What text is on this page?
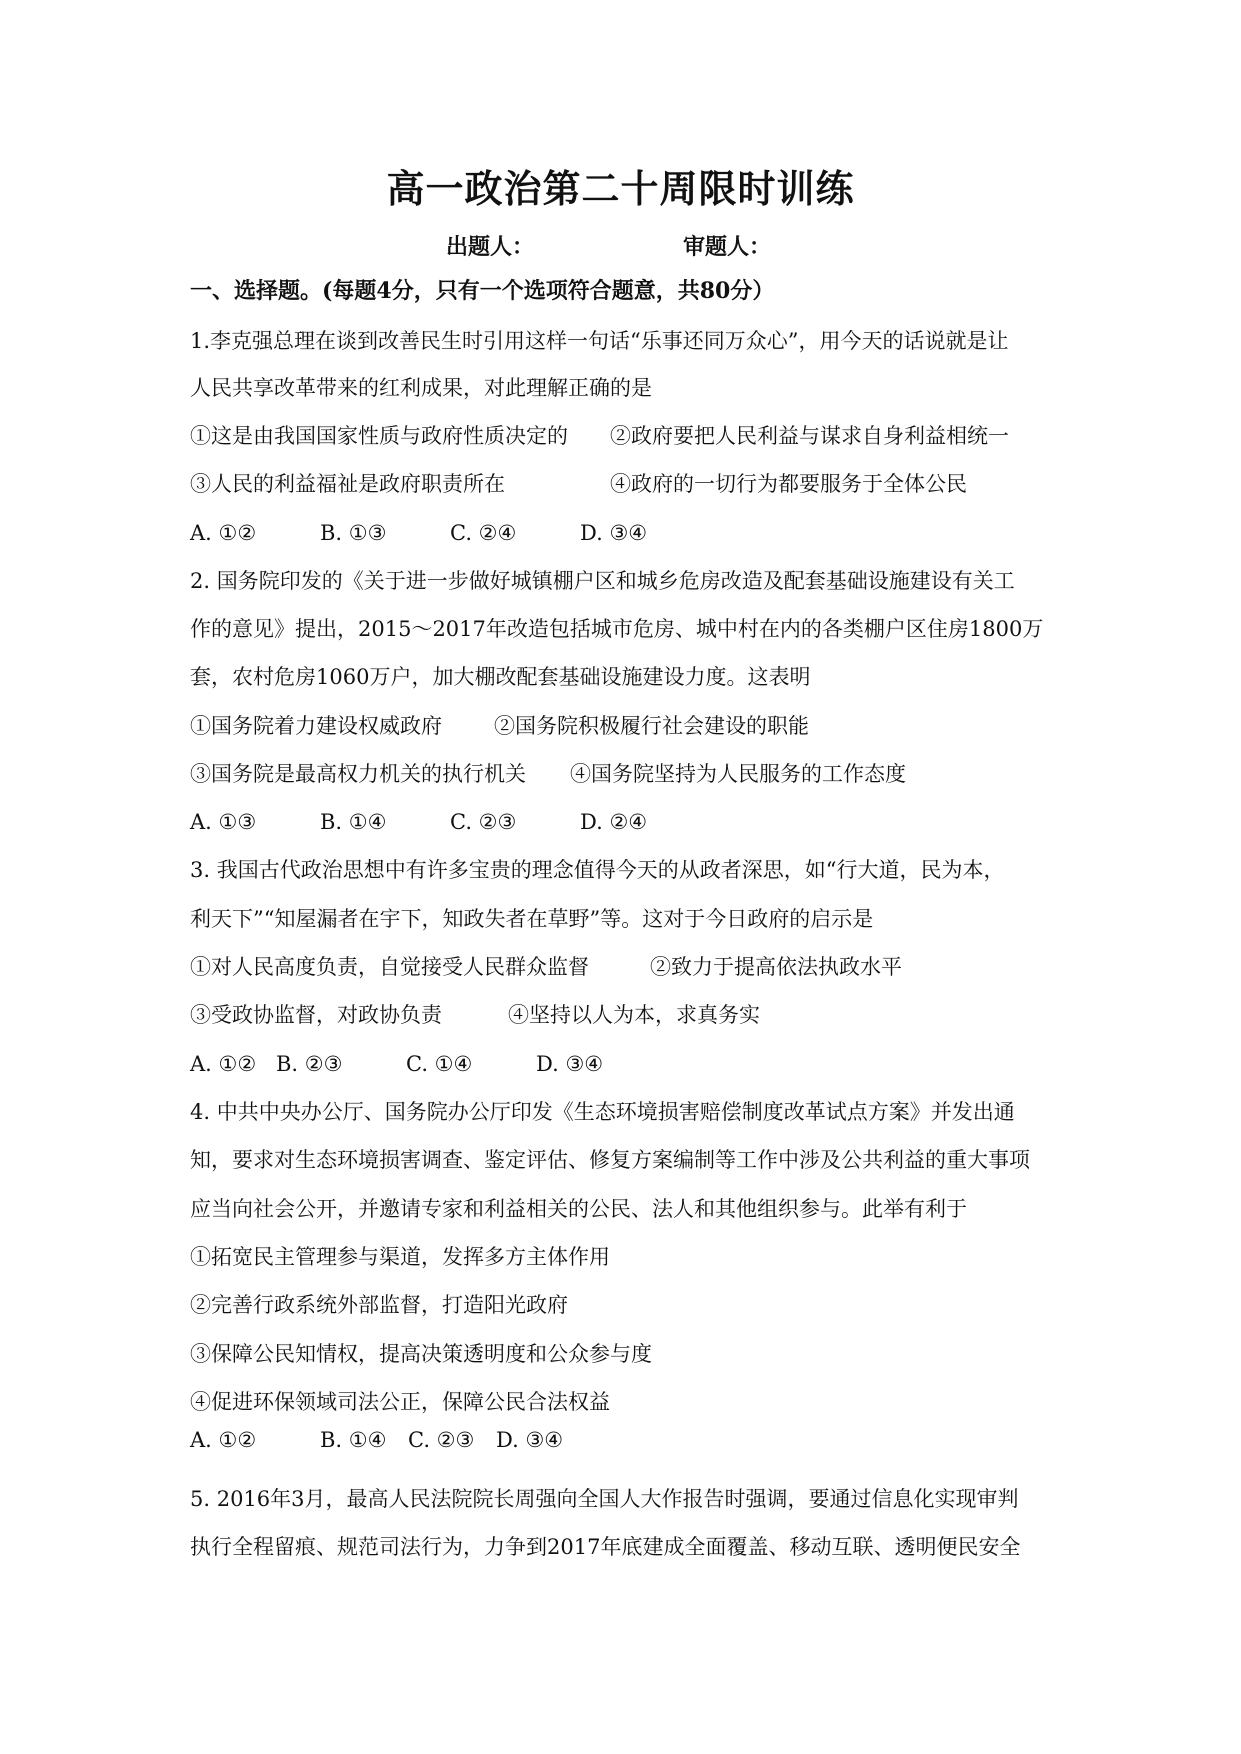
高一政治第二十周限时训练
出题人：	审题人：
一、选择题。(每题4分，只有一个选项符合题意，共80分）
1.李克强总理在谈到改善民生时引用这样一句话“乐事还同万众心”，用今天的话说就是让
人民共享改革带来的红利成果，对此理解正确的是
①这是由我国国家性质与政府性质决定的 ②政府要把人民利益与谋求自身利益相统一
③人民的利益福祉是政府职责所在	④政府的一切行为都要服务于全体公民
A. ①②	B. ①③	C. ②④	D. ③④
2. 国务院印发的《关于进一步做好城镇棚户区和城乡危房改造及配套基础设施建设有关工
作的意见》提出，2015～2017年改造包括城市危房、城中村在内的各类棚户区住房1800万
套，农村危房1060万户，加大棚改配套基础设施建设力度。这表明
①国务院着力建设权威政府 ②国务院积极履行社会建设的职能
③国务院是最高权力机关的执行机关 ④国务院坚持为人民服务的工作态度
A. ①③	B. ①④	C. ②③	D. ②④
3. 我国古代政治思想中有许多宝贵的理念值得今天的从政者深思，如“行大道，民为本，
利天下”“知屋漏者在宇下，知政失者在草野”等。这对于今日政府的启示是
①对人民高度负责，自觉接受人民群众监督	②致力于提高依法执政水平
③受政协监督，对政协负责	④坚持以人为本，求真务实
A. ①② B. ②③	C. ①④	D. ③④
4. 中共中央办公厅、国务院办公厅印发《生态环境损害赔偿制度改革试点方案》并发出通
知，要求对生态环境损害调查、鉴定评估、修复方案编制等工作中涉及公共利益的重大事项
应当向社会公开，并邀请专家和利益相关的公民、法人和其他组织参与。此举有利于
①拓宽民主管理参与渠道，发挥多方主体作用
②完善行政系统外部监督，打造阳光政府
③保障公民知情权，提高决策透明度和公众参与度
④促进环保领域司法公正，保障公民合法权益
A. ①②	B. ①④ C. ②③ D. ③④
5. 2016年3月，最高人民法院院长周强向全国人大作报告时强调，要通过信息化实现审判
执行全程留痕、规范司法行为，力争到2017年底建成全面覆盖、移动互联、透明便民安全
